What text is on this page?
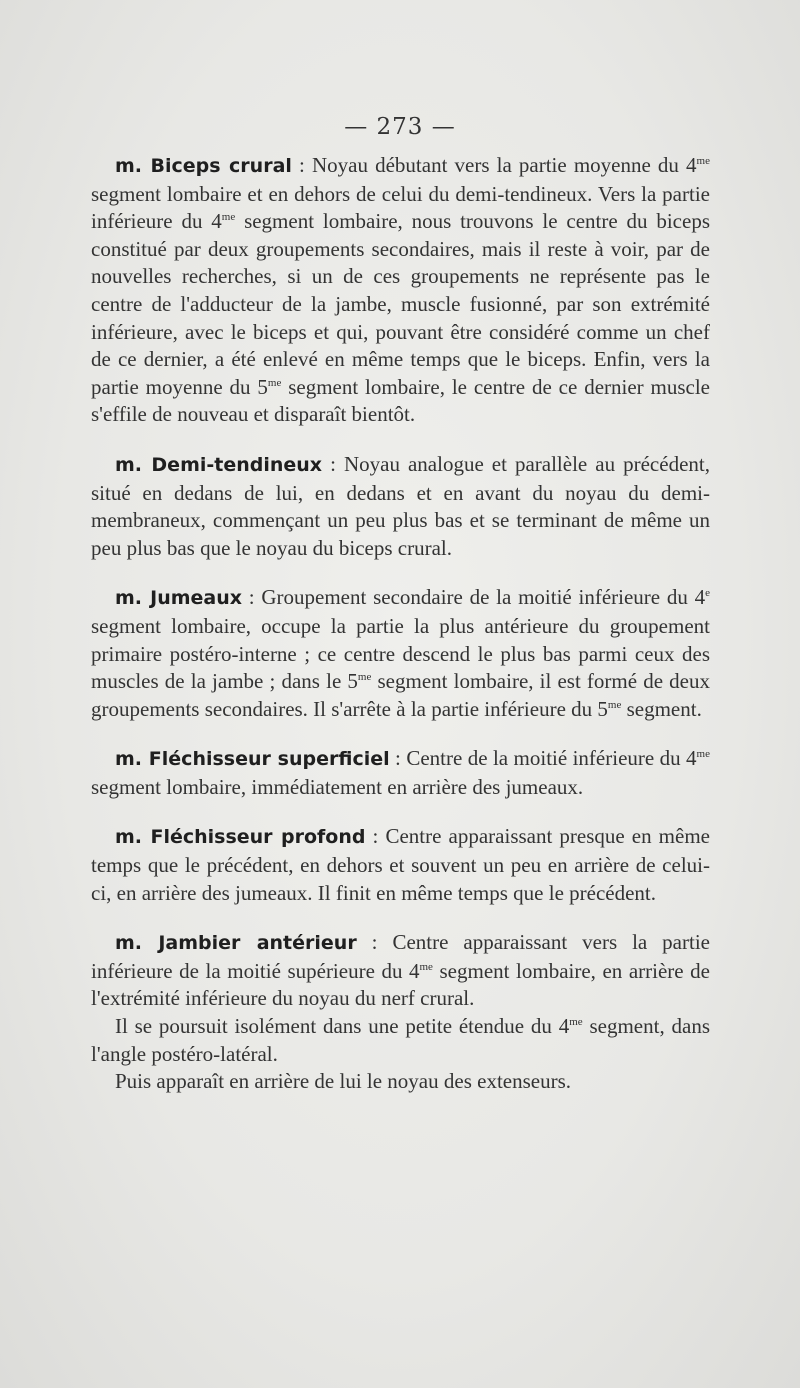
— 273 —

m. Biceps crural : Noyau débutant vers la partie moyenne du $4^{me}$ segment lombaire et en dehors de celui du demi-tendineux. Vers la partie inférieure du $4^{me}$ segment lombaire, nous trouvons le centre du biceps constitué par deux groupements secondaires, mais il reste à voir, par de nouvelles recherches, si un de ces groupements ne représente pas le centre de l'adducteur de la jambe, muscle fusionné, par son extrémité inférieure, avec le biceps et qui, pouvant être considéré comme un chef de ce dernier, a été enlevé en même temps que le biceps. Enfin, vers la partie moyenne du $5^{me}$ segment lombaire, le centre de ce dernier muscle s'effile de nouveau et disparaît bientôt.

m. Demi-tendineux : Noyau analogue et parallèle au précédent, situé en dedans de lui, en dedans et en avant du noyau du demi-membraneux, commençant un peu plus bas et se terminant de même un peu plus bas que le noyau du biceps crural.

m. Jumeaux : Groupement secondaire de la moitié inférieure du 4e segment lombaire, occupe la partie la plus antérieure du groupement primaire postéro-interne ; ce centre descend le plus bas parmi ceux des muscles de la jambe ; dans le $5^{me}$ segment lombaire, il est formé de deux groupements secondaires. Il s'arrête à la partie inférieure du $5^{me}$ segment.

m. Fléchisseur superficiel : Centre de la moitié inférieure du $4^{me}$ segment lombaire, immédiatement en arrière des jumeaux.

m. Fléchisseur profond : Centre apparaissant presque en même temps que le précédent, en dehors et souvent un peu en arrière de celui-ci, en arrière des jumeaux. Il finit en même temps que le précédent.

m. Jambier antérieur : Centre apparaissant vers la partie inférieure de la moitié supérieure du $4^{me}$ segment lombaire, en arrière de l'extrémité inférieure du noyau du nerf crural.

Il se poursuit isolément dans une petite étendue du $4^{me}$ segment, dans l'angle postéro-latéral.

Puis apparaît en arrière de lui le noyau des extenseurs.
